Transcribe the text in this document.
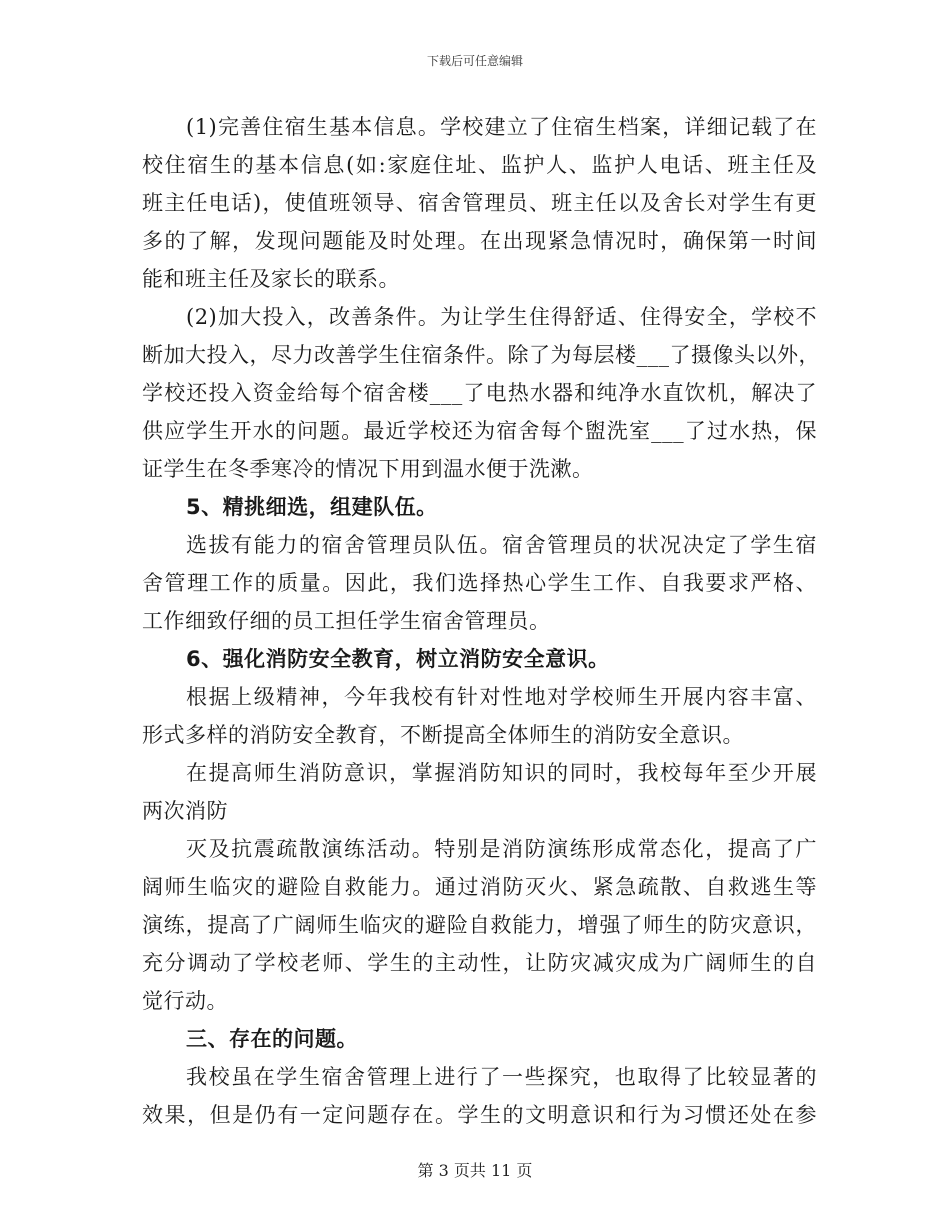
下载后可任意编辑
(1)完善住宿生基本信息。学校建立了住宿生档案，详细记载了在
校住宿生的基本信息(如:家庭住址、监护人、监护人电话、班主任及
班主任电话)，使值班领导、宿舍管理员、班主任以及舍长对学生有更
多的了解，发现问题能及时处理。在出现紧急情况时，确保第一时间
能和班主任及家长的联系。
(2)加大投入，改善条件。为让学生住得舒适、住得安全，学校不
断加大投入，尽力改善学生住宿条件。除了为每层楼___了摄像头以外，
学校还投入资金给每个宿舍楼___了电热水器和纯净水直饮机，解决了
供应学生开水的问题。最近学校还为宿舍每个盥洗室___了过水热，保
证学生在冬季寒冷的情况下用到温水便于洗漱。
5、精挑细选，组建队伍。
选拔有能力的宿舍管理员队伍。宿舍管理员的状况决定了学生宿
舍管理工作的质量。因此，我们选择热心学生工作、自我要求严格、
工作细致仔细的员工担任学生宿舍管理员。
6、强化消防安全教育，树立消防安全意识。
根据上级精神，今年我校有针对性地对学校师生开展内容丰富、
形式多样的消防安全教育，不断提高全体师生的消防安全意识。
在提高师生消防意识，掌握消防知识的同时，我校每年至少开展
两次消防
灭及抗震疏散演练活动。特别是消防演练形成常态化，提高了广
阔师生临灾的避险自救能力。通过消防灭火、紧急疏散、自救逃生等
演练，提高了广阔师生临灾的避险自救能力，增强了师生的防灾意识，
充分调动了学校老师、学生的主动性，让防灾减灾成为广阔师生的自
觉行动。
三、存在的问题。
我校虽在学生宿舍管理上进行了一些探究，也取得了比较显著的
效果，但是仍有一定问题存在。学生的文明意识和行为习惯还处在参
第 3 页共 11 页
